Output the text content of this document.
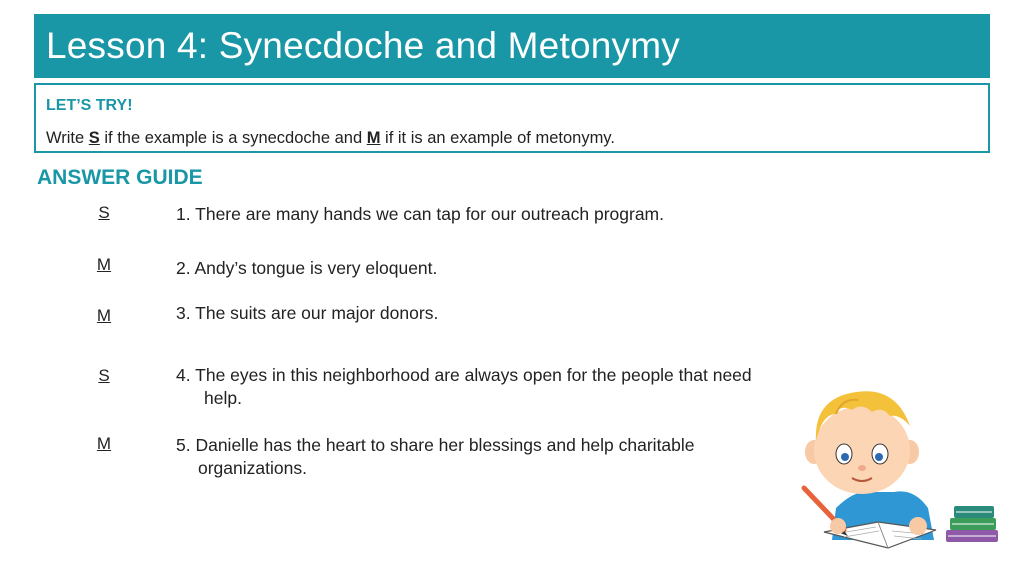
Lesson 4: Synecdoche and Metonymy
LET’S TRY!
Write S if the example is a synecdoche and M if it is an example of metonymy.
ANSWER GUIDE
S
M
M
S
M
1. There are many hands we can tap for our outreach program.
2. Andy’s tongue is very eloquent.
3. The suits are our major donors.
4. The eyes in this neighborhood are always open for the people that need
help.
5. Danielle has the heart to share her blessings and help charitable
organizations.
